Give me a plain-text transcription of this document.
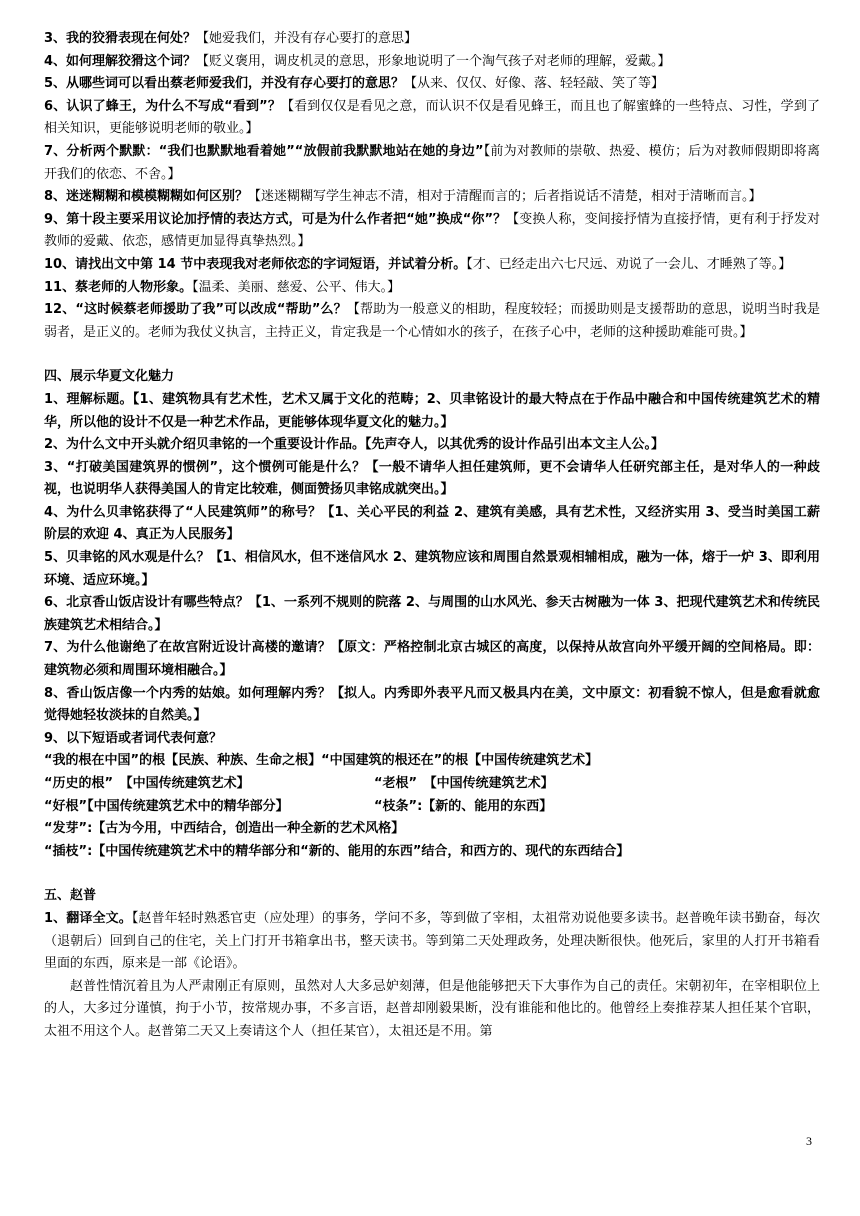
3、我的狡猾表现在何处？【她爱我们，并没有存心要打的意思】

4、如何理解狡猾这个词？【贬义褒用，调皮机灵的意思，形象地说明了一个淘气孩子对老师的理解，爱戴。】

5、从哪些词可以看出蔡老师爱我们，并没有存心要打的意思？【从来、仅仅、好像、落、轻轻敲、笑了等】

6、认识了蜂王，为什么不写成“看到”？【看到仅仅是看见之意，而认识不仅是看见蜂王，而且也了解蜜蜂的一些特点、习性，学到了相关知识，更能够说明老师的敬业。】

7、分析两个默默：“我们也默默地看着她”“放假前我默默地站在她的身边”【前为对教师的崇敬、热爱、模仿；后为对教师假期即将离开我们的依恋、不舍。】

8、迷迷糊糊和模模糊糊如何区别？【迷迷糊糊写学生神志不清，相对于清醒而言的；后者指说话不清楚，相对于清晰而言。】

9、第十段主要采用议论加抒情的表达方式，可是为什么作者把“她”换成“你”？【变换人称，变间接抒情为直接抒情，更有利于抒发对教师的爱戴、依恋，感情更加显得真挚热烈。】

10、请找出文中第 14 节中表现我对老师依恋的字词短语，并试着分析。【才、已经走出六七尺远、劝说了一会儿、才睡熟了等。】

11、蔡老师的人物形象。【温柔、美丽、慈爱、公平、伟大。】

12、“这时候蔡老师援助了我”可以改成“帮助”么？【帮助为一般意义的相助，程度较轻；而援助则是支援帮助的意思，说明当时我是弱者，是正义的。老师为我仗义执言，主持正义，肯定我是一个心情如水的孩子，在孩子心中，老师的这种援助难能可贵。】

四、展示华夏文化魅力

1、理解标题。【1、建筑物具有艺术性，艺术又属于文化的范畴；2、贝聿铭设计的最大特点在于作品中融合和中国传统建筑艺术的精华，所以他的设计不仅是一种艺术作品，更能够体现华夏文化的魅力。】

2、为什么文中开头就介绍贝聿铭的一个重要设计作品。【先声夺人，以其优秀的设计作品引出本文主人公。】

3、“打破美国建筑界的惯例”，这个惯例可能是什么？【一般不请华人担任建筑师，更不会请华人任研究部主任，是对华人的一种歧视，也说明华人获得美国人的肯定比较难，侧面赞扬贝聿铭成就突出。】

4、为什么贝聿铭获得了“人民建筑师”的称号？【1、关心平民的利益 2、建筑有美感，具有艺术性，又经济实用 3、受当时美国工薪阶层的欢迎 4、真正为人民服务】

5、贝聿铭的风水观是什么？【1、相信风水，但不迷信风水 2、建筑物应该和周围自然景观相辅相成，融为一体，熔于一炉 3、即利用环境、适应环境。】

6、北京香山饭店设计有哪些特点？【1、一系列不规则的院落 2、与周围的山水风光、参天古树融为一体 3、把现代建筑艺术和传统民族建筑艺术相结合。】

7、为什么他谢绝了在故宫附近设计高楼的邀请？【原文：严格控制北京古城区的高度，以保持从故宫向外平缓开阔的空间格局。即：建筑物必须和周围环境相融合。】

8、香山饭店像一个内秀的姑娘。如何理解内秀？【拟人。内秀即外表平凡而又极具内在美，文中原文：初看貌不惊人，但是愈看就愈觉得她轻妆淡抹的自然美。】

9、以下短语或者词代表何意？

“我的根在中国”的根【民族、种族、生命之根】“中国建筑的根还在”的根【中国传统建筑艺术】

“历史的根”　【中国传统建筑艺术】	“老根”　【中国传统建筑艺术】
“好根”【中国传统建筑艺术中的精华部分】	“枝条”:【新的、能用的东西】

“发芽”:【古为今用，中西结合，创造出一种全新的艺术风格】

“插枝”:【中国传统建筑艺术中的精华部分和“新的、能用的东西”结合，和西方的、现代的东西结合】

五、赵普

1、翻译全文。【赵普年轻时熟悉官吏（应处理）的事务，学问不多，等到做了宰相，太祖常劝说他要多读书。赵普晚年读书勤奋，每次（退朝后）回到自己的住宅，关上门打开书箱拿出书，整天读书。等到第二天处理政务，处理决断很快。他死后，家里的人打开书箱看里面的东西，原来是一部《论语》。

赵普性情沉着且为人严肃刚正有原则，虽然对人大多忌妒刻薄，但是他能够把天下大事作为自己的责任。宋朝初年，在宰相职位上的人，大多过分谨慎，拘于小节，按常规办事，不多言语，赵普却刚毅果断，没有谁能和他比的。他曾经上奏推荐某人担任某个官职，太祖不用这个人。赵普第二天又上奏请这个人（担任某官），太祖还是不用。第

3
